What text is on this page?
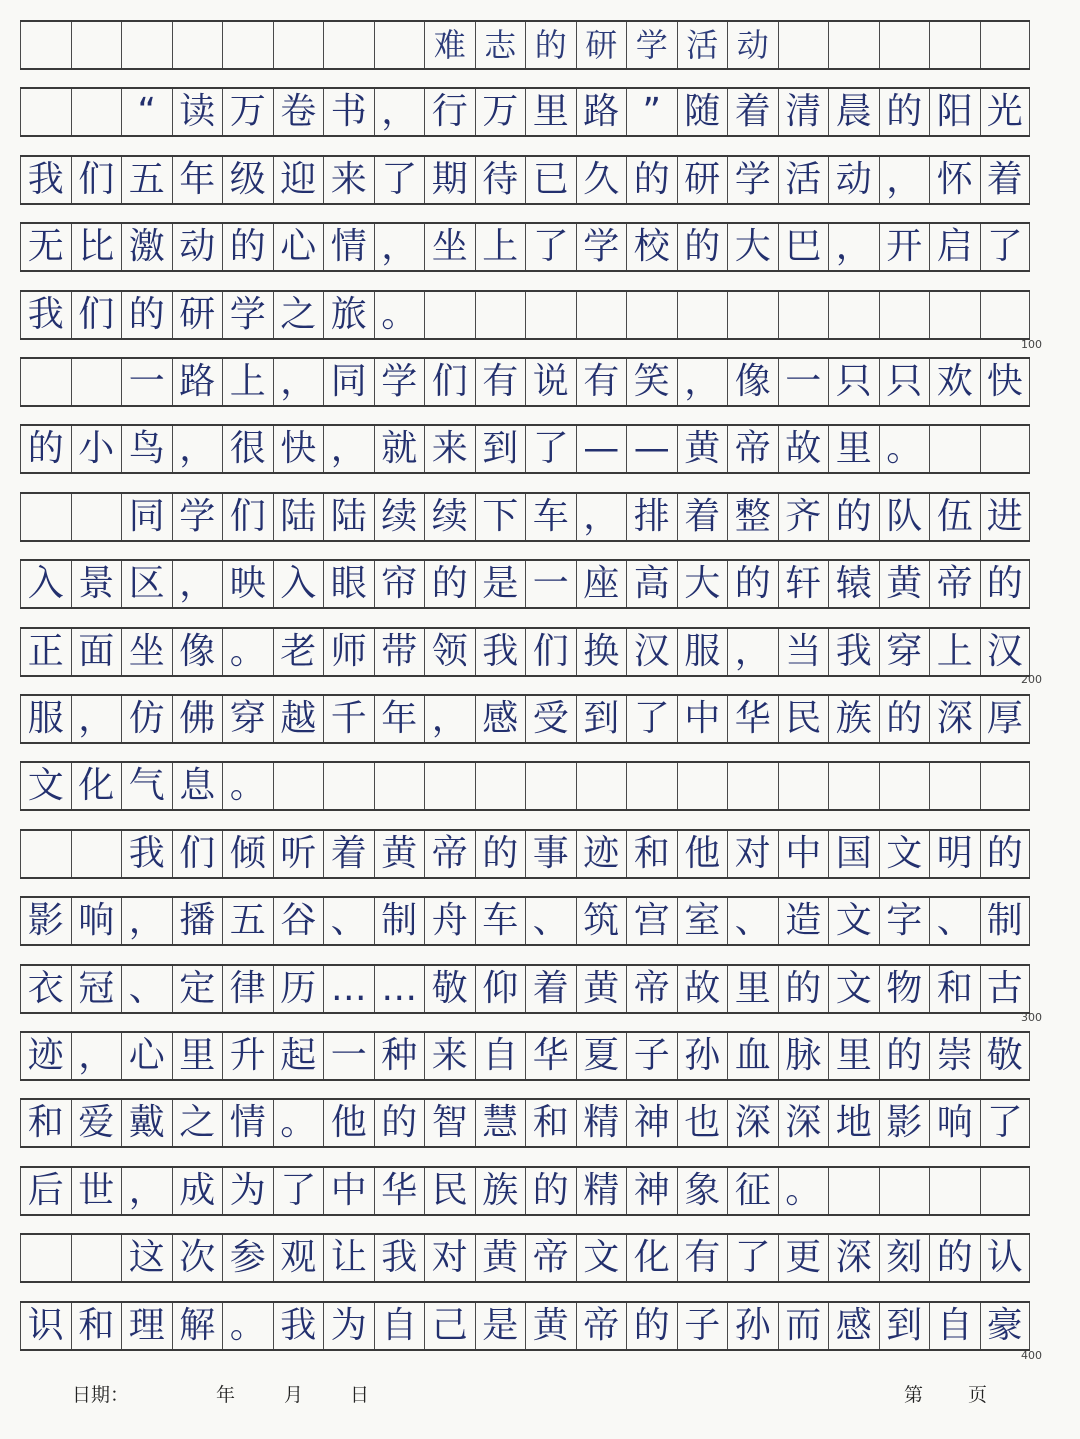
难 志 的 研 学 活 动
“ 读 万 卷 书 ， 行 万 里 路 ” 随 着 清 晨 的 阳 光
我 们 五 年 级 迎 来 了 期 待 已 久 的 研 学 活 动 ， 怀 着
无 比 激 动 的 心 情 ， 坐 上 了 学 校 的 大 巴 ， 开 启 了
我 们 的 研 学 之 旅 。
一 路 上 ， 同 学 们 有 说 有 笑 ， 像 一 只 只 欢 快
的 小 鸟 ， 很 快 ， 就 来 到 了 — — 黄 帝 故 里 。
同 学 们 陆 陆 续 续 下 车 ， 排 着 整 齐 的 队 伍 进
入 景 区 ， 映 入 眼 帘 的 是 一 座 高 大 的 轩 辕 黄 帝 的
正 面 坐 像 。 老 师 带 领 我 们 换 汉 服 ， 当 我 穿 上 汉
服 ， 仿 佛 穿 越 千 年 ， 感 受 到 了 中 华 民 族 的 深 厚
文 化 气 息 。
我 们 倾 听 着 黄 帝 的 事 迹 和 他 对 中 国 文 明 的
影 响 ， 播 五 谷 、 制 舟 车 、 筑 宫 室 、 造 文 字 、 制
衣 冠 、 定 律 历 … … 敬 仰 着 黄 帝 故 里 的 文 物 和 古
迹 ， 心 里 升 起 一 种 来 自 华 夏 子 孙 血 脉 里 的 崇 敬
和 爱 戴 之 情 。 他 的 智 慧 和 精 神 也 深 深 地 影 响 了
后 世 ， 成 为 了 中 华 民 族 的 精 神 象 征 。
这 次 参 观 让 我 对 黄 帝 文 化 有 了 更 深 刻 的 认
识 和 理 解 。 我 为 自 己 是 黄 帝 的 子 孙 而 感 到 自 豪
100
200
300
400
日期：	年	月 日	第 页
